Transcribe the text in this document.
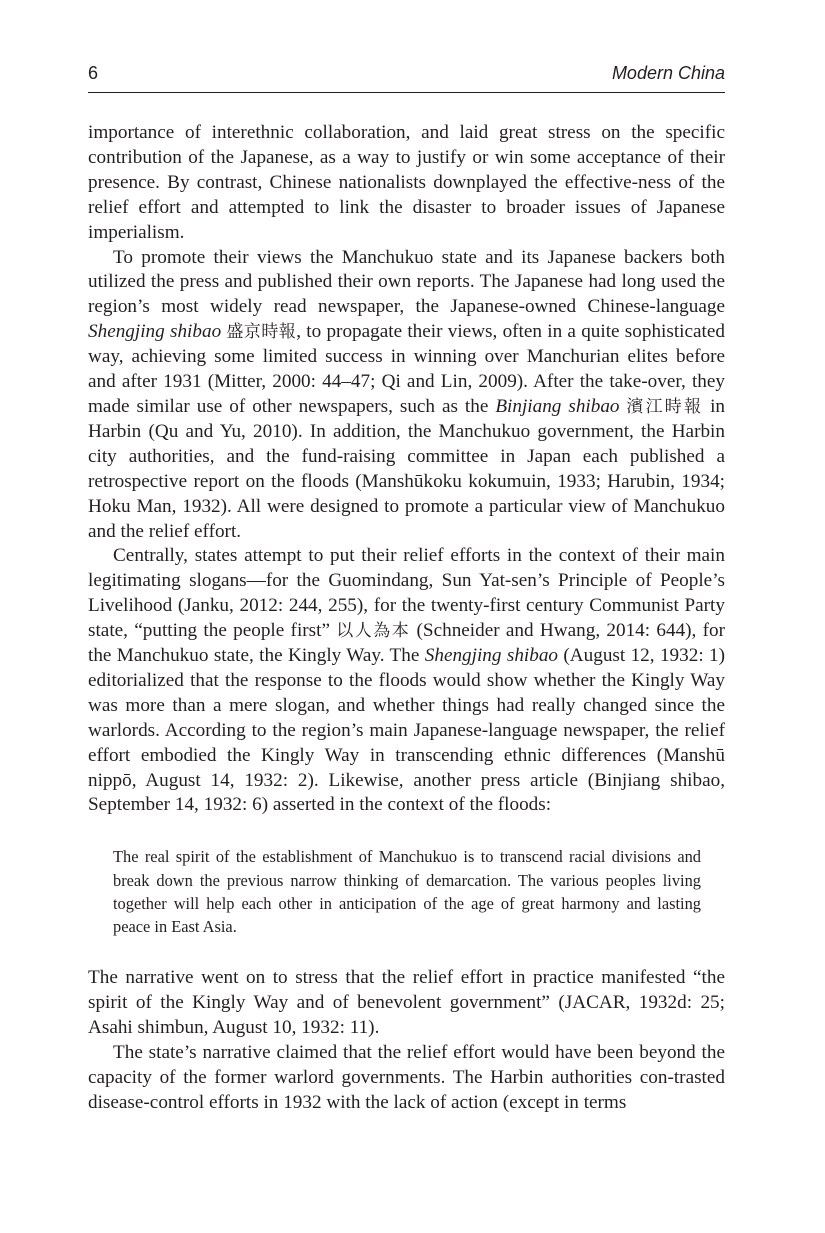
6	Modern China

importance of interethnic collaboration, and laid great stress on the specific contribution of the Japanese, as a way to justify or win some acceptance of their presence. By contrast, Chinese nationalists downplayed the effective-ness of the relief effort and attempted to link the disaster to broader issues of Japanese imperialism.

To promote their views the Manchukuo state and its Japanese backers both utilized the press and published their own reports. The Japanese had long used the region’s most widely read newspaper, the Japanese-owned Chinese-language Shengjing shibao 盛京時報, to propagate their views, often in a quite sophisticated way, achieving some limited success in winning over Manchurian elites before and after 1931 (Mitter, 2000: 44–47; Qi and Lin, 2009). After the take-over, they made similar use of other newspapers, such as the Binjiang shibao 濱江時報 in Harbin (Qu and Yu, 2010). In addition, the Manchukuo government, the Harbin city authorities, and the fund-raising committee in Japan each published a retrospective report on the floods (Manshūkoku kokumuin, 1933; Harubin, 1934; Hoku Man, 1932). All were designed to promote a particular view of Manchukuo and the relief effort.

Centrally, states attempt to put their relief efforts in the context of their main legitimating slogans—for the Guomindang, Sun Yat-sen’s Principle of People’s Livelihood (Janku, 2012: 244, 255), for the twenty-first century Communist Party state, “putting the people first” 以人為本 (Schneider and Hwang, 2014: 644), for the Manchukuo state, the Kingly Way. The Shengjing shibao (August 12, 1932: 1) editorialized that the response to the floods would show whether the Kingly Way was more than a mere slogan, and whether things had really changed since the warlords. According to the region’s main Japanese-language newspaper, the relief effort embodied the Kingly Way in transcending ethnic differences (Manshū nippō, August 14, 1932: 2). Likewise, another press article (Binjiang shibao, September 14, 1932: 6) asserted in the context of the floods:

The real spirit of the establishment of Manchukuo is to transcend racial divisions and break down the previous narrow thinking of demarcation. The various peoples living together will help each other in anticipation of the age of great harmony and lasting peace in East Asia.

The narrative went on to stress that the relief effort in practice manifested “the spirit of the Kingly Way and of benevolent government” (JACAR, 1932d: 25; Asahi shimbun, August 10, 1932: 11).

The state’s narrative claimed that the relief effort would have been beyond the capacity of the former warlord governments. The Harbin authorities con-trasted disease-control efforts in 1932 with the lack of action (except in terms
